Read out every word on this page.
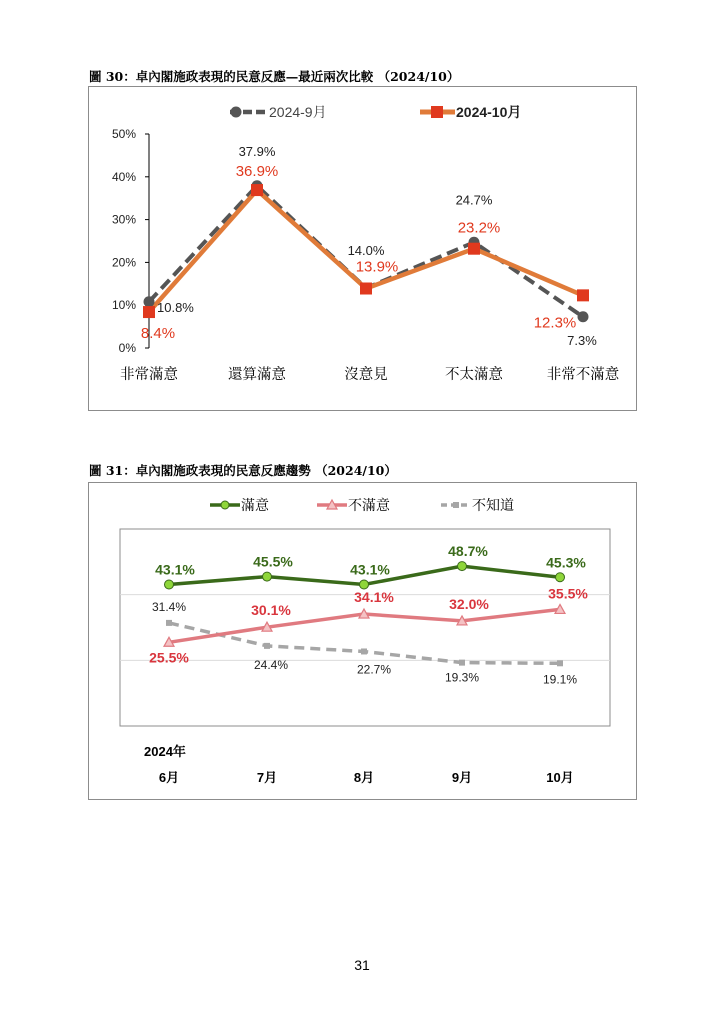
圖 30：卓內閣施政表現的民意反應—最近兩次比較 （2024/10）
0%
10%
20%
30%
40%
50%
非常滿意	還算滿意	沒意見	不太滿意	非常不滿意
10.8%
37.9%
14.0%
24.7%
7.3%
8.4%
36.9%
13.9%
23.2%
12.3%
2024-9月	2024-10月
圖 31：卓內閣施政表現的民意反應趨勢 （2024/10）
2024年
6月	7月	8月	9月	10月
43.1%	45.5%	43.1%
48.7%
45.3%
25.5%
30.1%
34.1%	32.0%
35.5%
31.4%
24.4%	22.7%
19.3%	19.1%
滿意	不滿意	不知道
31
